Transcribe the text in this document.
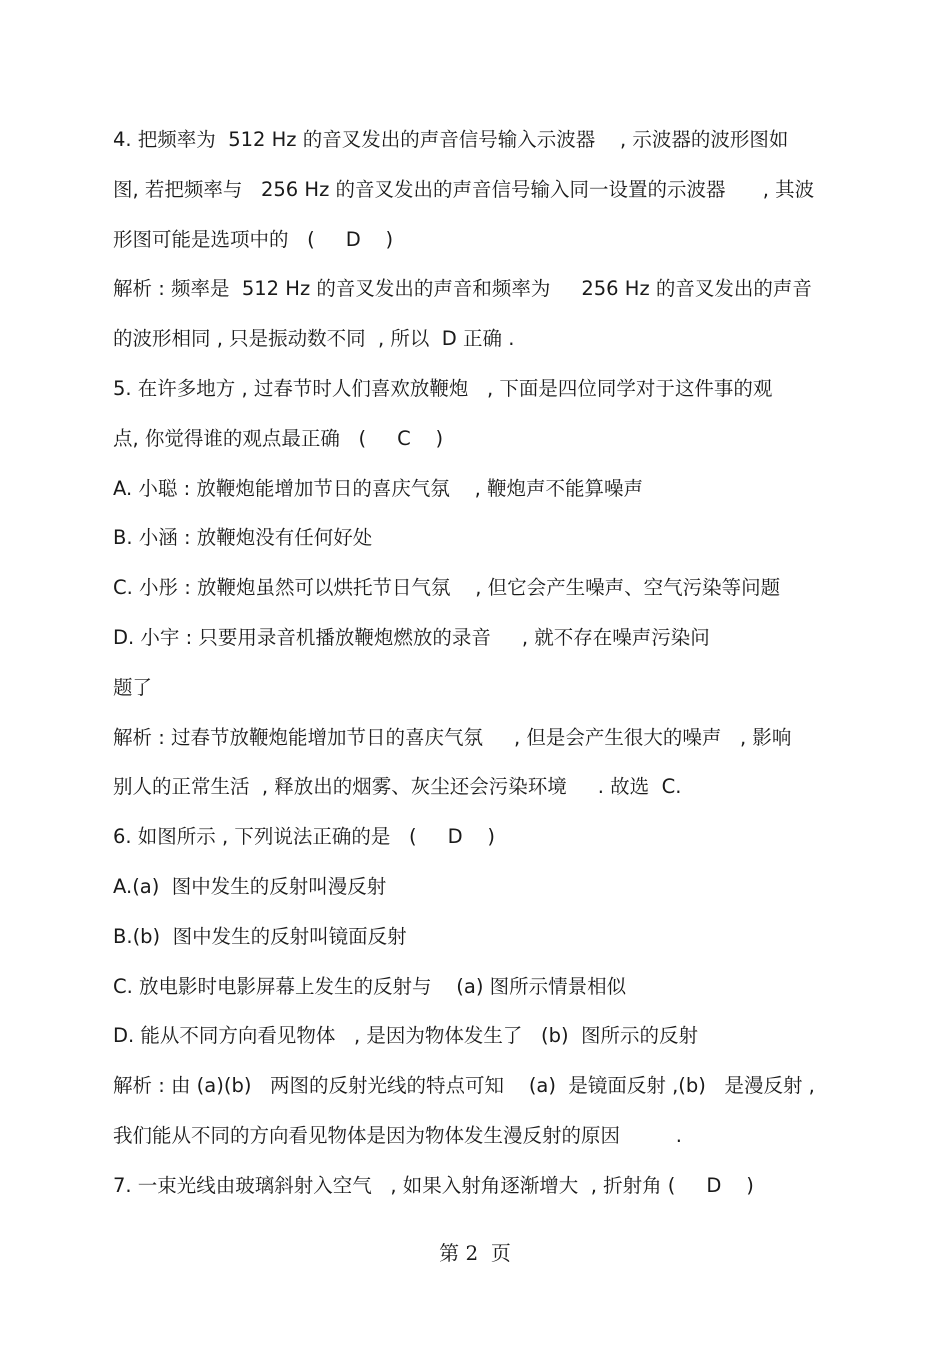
4. 把频率为  512 Hz 的音叉发出的声音信号输入示波器    , 示波器的波形图如
图, 若把频率与   256 Hz 的音叉发出的声音信号输入同一设置的示波器      , 其波
形图可能是选项中的   (     D    )
解析 : 频率是  512 Hz 的音叉发出的声音和频率为     256 Hz 的音叉发出的声音
的波形相同 , 只是振动数不同  , 所以  D 正确 .
5. 在许多地方 , 过春节时人们喜欢放鞭炮   , 下面是四位同学对于这件事的观
点, 你觉得谁的观点最正确   (     C    )
A. 小聪 : 放鞭炮能增加节日的喜庆气氛    , 鞭炮声不能算噪声
B. 小涵 : 放鞭炮没有任何好处
C. 小彤 : 放鞭炮虽然可以烘托节日气氛    , 但它会产生噪声、空气污染等问题
D. 小宇 : 只要用录音机播放鞭炮燃放的录音     , 就不存在噪声污染问
题了
解析 : 过春节放鞭炮能增加节日的喜庆气氛     , 但是会产生很大的噪声   , 影响
别人的正常生活  , 释放出的烟雾、灰尘还会污染环境     . 故选  C.
6. 如图所示 , 下列说法正确的是   (     D    )
A.(a)  图中发生的反射叫漫反射
B.(b)  图中发生的反射叫镜面反射
C. 放电影时电影屏幕上发生的反射与    (a) 图所示情景相似
D. 能从不同方向看见物体   , 是因为物体发生了   (b)  图所示的反射
解析 : 由 (a)(b)   两图的反射光线的特点可知    (a)  是镜面反射 ,(b)   是漫反射 ,
我们能从不同的方向看见物体是因为物体发生漫反射的原因         .
7. 一束光线由玻璃斜射入空气   , 如果入射角逐渐增大  , 折射角 (     D    )
第 2  页
